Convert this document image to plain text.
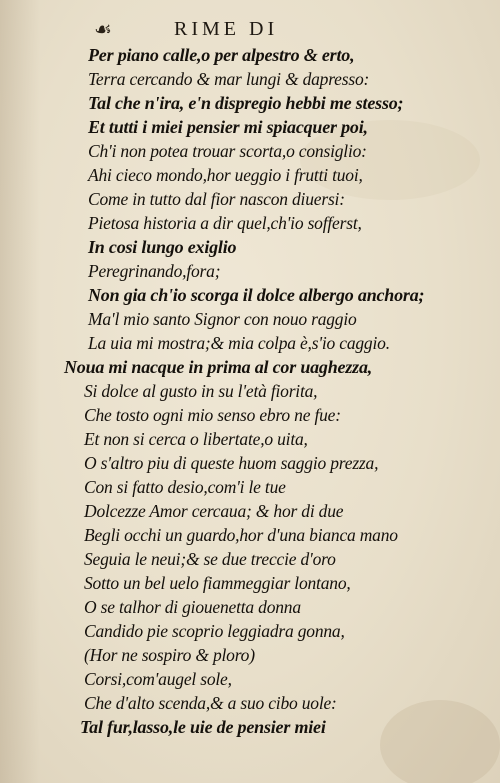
☙	RIME DI
Per piano calle,o per alpestro & erto,
Terra cercando & mar lungi & dapresso:
Tal che n'ira, e'n dispregio hebbi me stesso;
Et tutti i miei pensier mi spiacquer poi,
Ch'i non potea trouar scorta,o consiglio:
Ahi cieco mondo,hor ueggio i frutti tuoi,
Come in tutto dal fior nascon diuersi:
Pietosa historia a dir quel,ch'io sofferst,
In cosi lungo exiglio
Peregrinando,fora;
Non gia ch'io scorga il dolce albergo anchora;
Ma'l mio santo Signor con nouo raggio
La uia mi mostra;& mia colpa è,s'io caggio.
Noua mi nacque in prima al cor uaghezza,
Si dolce al gusto in su l'età fiorita,
Che tosto ogni mio senso ebro ne fue:
Et non si cerca o libertate,o uita,
O s'altro piu di queste huom saggio prezza,
Con si fatto desio,com'i le tue
Dolcezze Amor cercaua; & hor di due
Begli occhi un guardo,hor d'una bianca mano
Seguia le neui;& se due treccie d'oro
Sotto un bel uelo fiammeggiar lontano,
O se talhor di giouenetta donna
Candido pie scoprio leggiadra gonna,
(Hor ne sospiro & ploro)
Corsi,com'augel sole,
Che d'alto scenda,& a suo cibo uole:
Tal fur,lasso,le uie de pensier miei
